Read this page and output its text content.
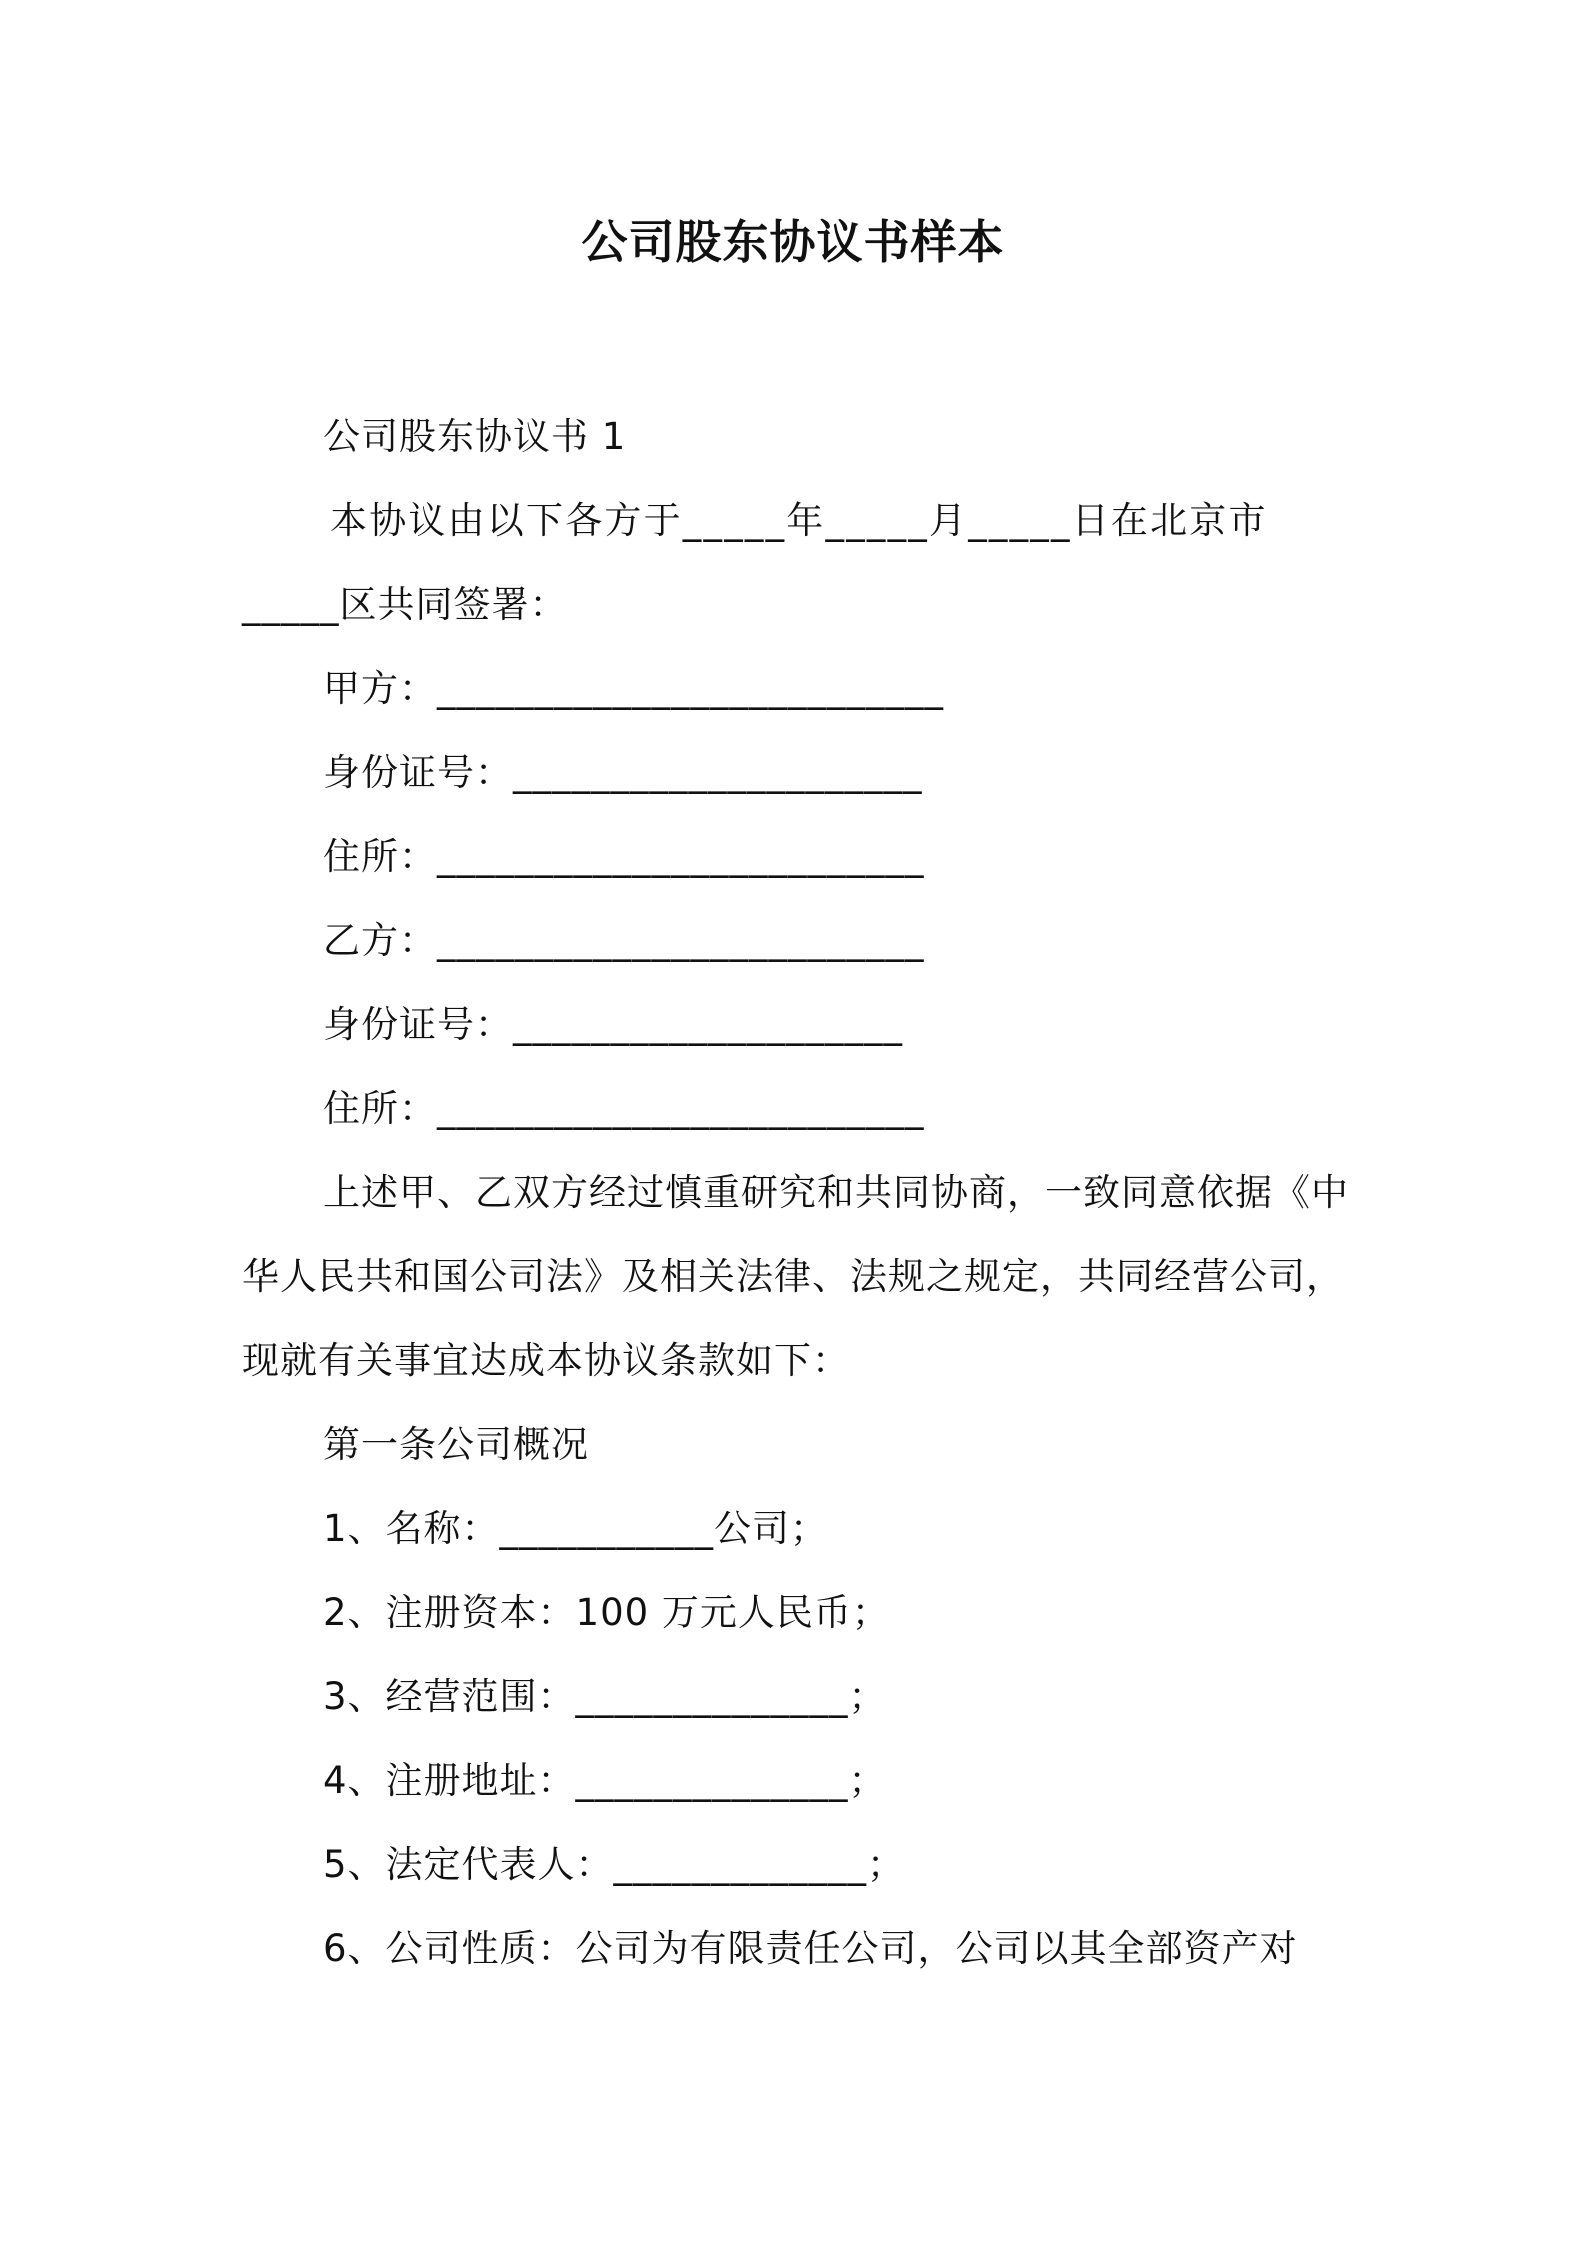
公司股东协议书样本
公司股东协议书 1
本协议由以下各方于_____年_____月_____日在北京市
_____区共同签署：
甲方：__________________________
身份证号：_____________________
住所：_________________________
乙方：_________________________
身份证号：____________________
住所：_________________________
上述甲、乙双方经过慎重研究和共同协商，一致同意依据《中
华人民共和国公司法》及相关法律、法规之规定，共同经营公司，
现就有关事宜达成本协议条款如下：
第一条公司概况
1、名称：___________公司；
2、注册资本：100 万元人民币；
3、经营范围：______________；
4、注册地址：______________；
5、法定代表人：_____________；
6、公司性质：公司为有限责任公司，公司以其全部资产对
